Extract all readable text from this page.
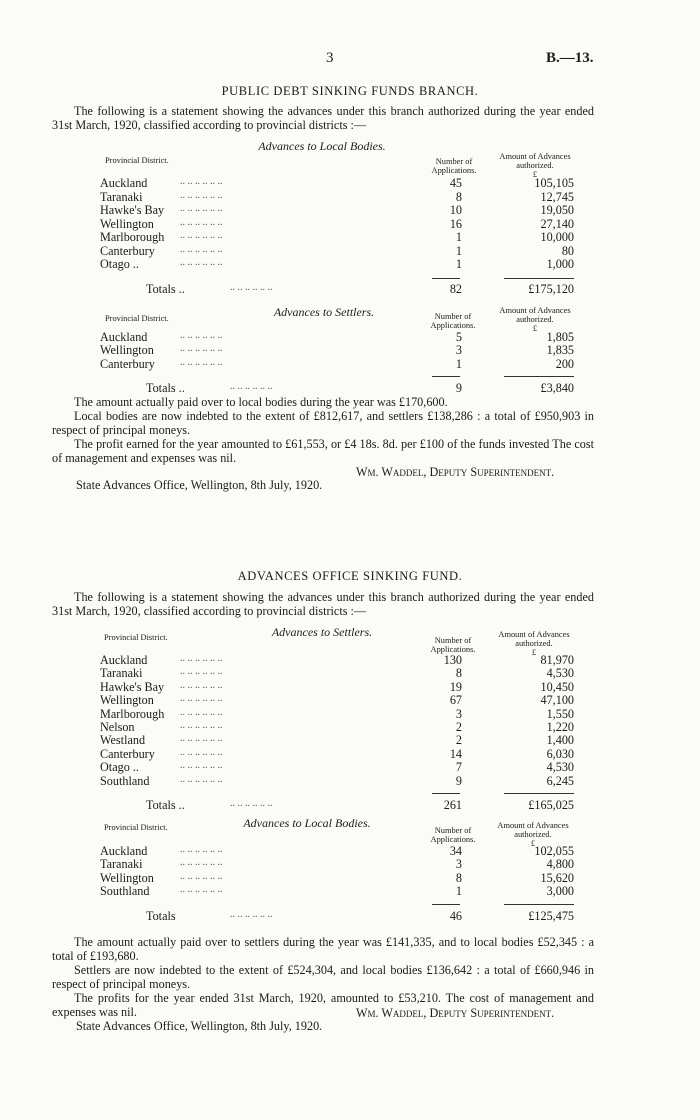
3	B.—13.
PUBLIC DEBT SINKING FUNDS BRANCH.
The following is a statement showing the advances under this branch authorized during the year ended 31st March, 1920, classified according to provincial districts :—
Advances to Local Bodies.
Provincial District.	Number of Applications.
Amount of Advances authorized.
£
Auckland	.. .. .. .. .. ..	45	105,105
Taranaki	.. .. .. .. .. ..	8	12,745
Hawke's Bay .. .. .. .. .. ..	10	19,050
Wellington	.. .. .. .. .. ..	16	27,140
Marlborough .. .. .. .. .. ..	1	10,000
Canterbury	.. .. .. .. .. ..	1	80
Otago ..	.. .. .. .. .. ..	1	1,000
Totals ..	.. .. .. .. .. ..	82	£175,120
Advances to Settlers.
Provincial District.	Number of Applications.
Amount of Advances authorized.
£
Auckland	.. .. .. .. .. ..	5	1,805
Wellington	.. .. .. .. .. ..	3	1,835
Canterbury	.. .. .. .. .. ..	1	200
Totals ..	.. .. .. .. .. ..	9	£3,840
The amount actually paid over to local bodies during the year was £170,600.
Local bodies are now indebted to the extent of £812,617, and settlers £138,286 : a total of £950,903 in respect of principal moneys.
The profit earned for the year amounted to £61,553, or £4 18s. 8d. per £100 of the funds invested The cost of management and expenses was nil.
Wm. Waddel, Deputy Superintendent.
State Advances Office, Wellington, 8th July, 1920.
ADVANCES OFFICE SINKING FUND.
The following is a statement showing the advances under this branch authorized during the year ended 31st March, 1920, classified according to provincial districts :—
Advances to Settlers.
Provincial District.	Number of Applications.
Amount of Advances authorized.
£
Auckland	.. .. .. .. .. ..	130	81,970
Taranaki	.. .. .. .. .. ..	8	4,530
Hawke's Bay .. .. .. .. .. ..	19	10,450
Wellington	.. .. .. .. .. ..	67	47,100
Marlborough .. .. .. .. .. ..	3	1,550
Nelson	.. .. .. .. .. ..	2	1,220
Westland	.. .. .. .. .. ..	2	1,400
Canterbury	.. .. .. .. .. ..	14	6,030
Otago ..	.. .. .. .. .. ..	7	4,530
Southland	.. .. .. .. .. ..	9	6,245
Totals ..	.. .. .. .. .. ..	261	£165,025
Advances to Local Bodies.
Provincial District.	Number of Applications.
Amount of Advances authorized.
£
Auckland	.. .. .. .. .. ..	34	102,055
Taranaki	.. .. .. .. .. ..	3	4,800
Wellington	.. .. .. .. .. ..	8	15,620
Southland	.. .. .. .. .. ..	1	3,000
Totals	.. .. .. .. .. ..	46	£125,475
The amount actually paid over to settlers during the year was £141,335, and to local bodies £52,345 : a total of £193,680.
Settlers are now indebted to the extent of £524,304, and local bodies £136,642 : a total of £660,946 in respect of principal moneys.
The profits for the year ended 31st March, 1920, amounted to £53,210. The cost of management and expenses was nil.	Wm. Waddel, Deputy Superintendent.
State Advances Office, Wellington, 8th July, 1920.
